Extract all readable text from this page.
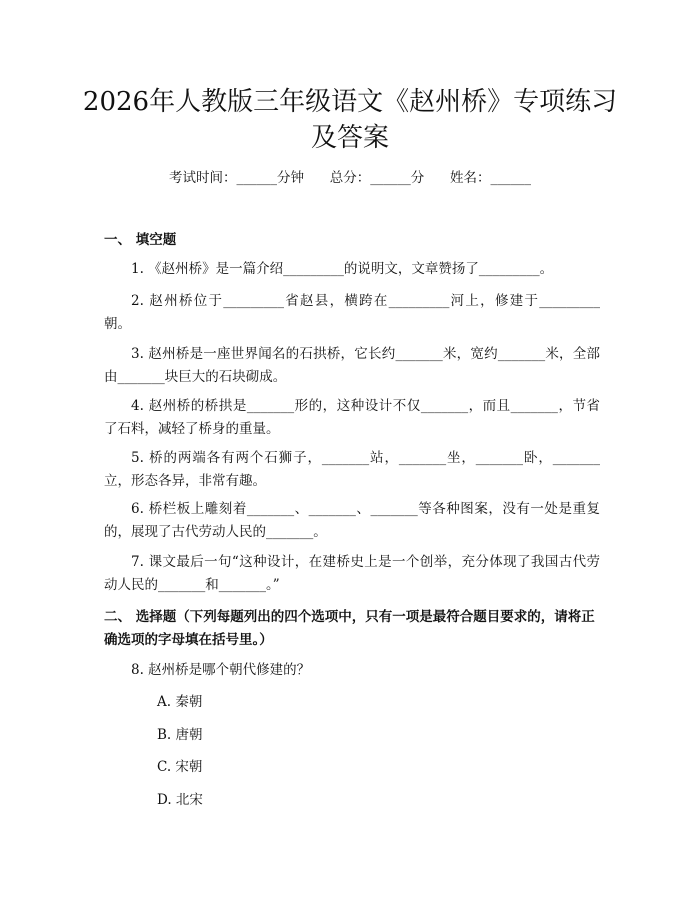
2026年人教版三年级语文《赵州桥》专项练习及答案
考试时间：______分钟      总分：______分      姓名：______
一、 填空题
1. 《赵州桥》是一篇介绍_________的说明文，文章赞扬了_________。
2. 赵州桥位于_________省赵县，横跨在_________河上，修建于_________朝。
3. 赵州桥是一座世界闻名的石拱桥，它长约_______米，宽约_______米，全部由_______块巨大的石块砌成。
4. 赵州桥的桥拱是_______形的，这种设计不仅_______，而且_______，节省了石料，减轻了桥身的重量。
5. 桥的两端各有两个石狮子，_______站，_______坐，_______卧，_______立，形态各异，非常有趣。
6. 桥栏板上雕刻着_______、_______、_______等各种图案，没有一处是重复的，展现了古代劳动人民的_______。
7. 课文最后一句“这种设计，在建桥史上是一个创举，充分体现了我国古代劳动人民的_______和_______。”
二、 选择题（下列每题列出的四个选项中，只有一项是最符合题目要求的，请将正确选项的字母填在括号里。）
8. 赵州桥是哪个朝代修建的？
A. 秦朝
B. 唐朝
C. 宋朝
D. 北宋
